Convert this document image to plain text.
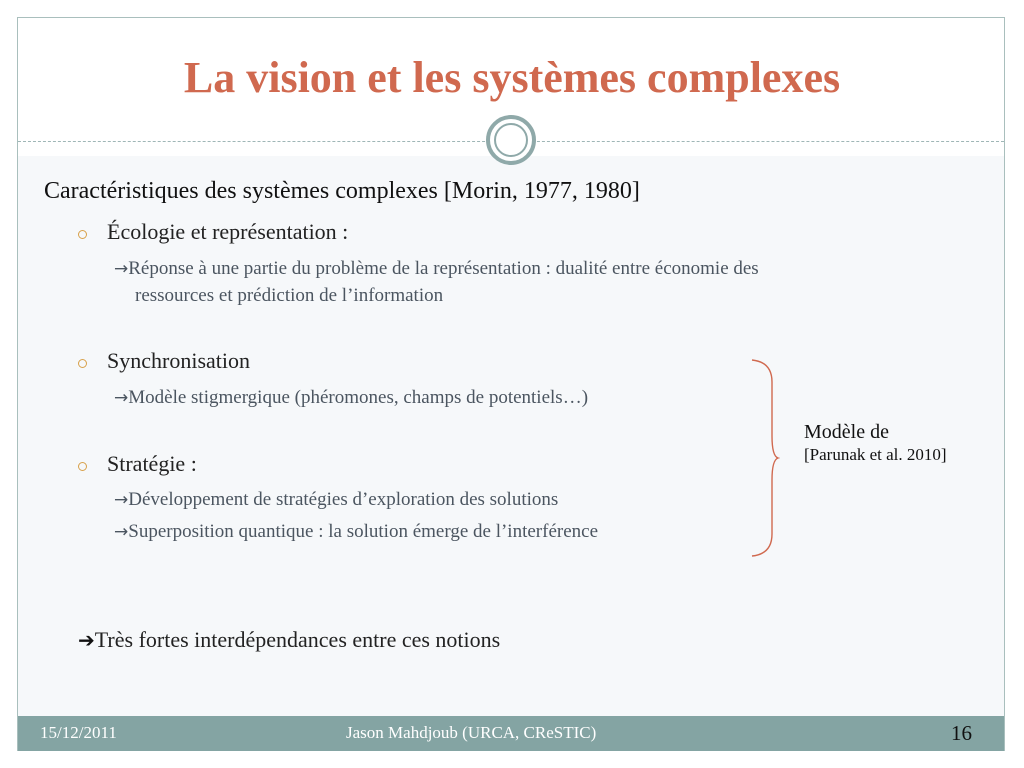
La vision et les systèmes complexes
Caractéristiques des systèmes complexes [Morin, 1977, 1980]
Écologie et représentation :
→Réponse à une partie du problème de la représentation : dualité entre économie des
ressources et prédiction de l’information
Synchronisation
→Modèle stigmergique (phéromones, champs de potentiels…)
Stratégie :
→Développement de stratégies d’exploration des solutions
→Superposition quantique : la solution émerge de l’interférence
Modèle de
[Parunak et al. 2010]
➔Très fortes interdépendances entre ces notions
15/12/2011	Jason Mahdjoub (URCA, CReSTIC)	16
